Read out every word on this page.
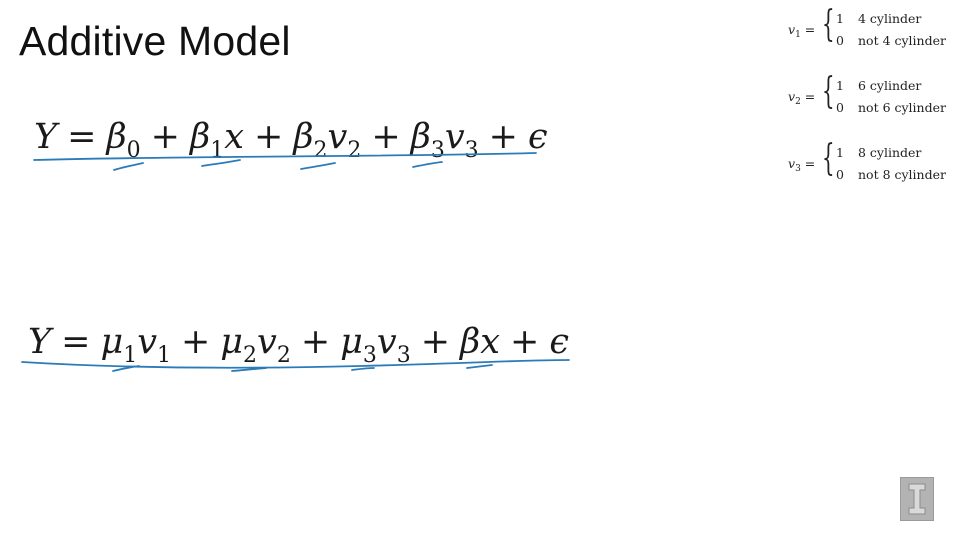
Additive Model
$Y = \beta_0 + \beta_1x + \beta_2v_2 + \beta_3v_3 + \epsilon$
$Y = \mu_1v_1 + \mu_2v_2 + \mu_3v_3 + \beta x + \epsilon$
$v_1$ = { 1 4 cylinder
0 not 4 cylinder
$v_2$ = { 1 6 cylinder
0 not 6 cylinder
$v_3$ = { 1 8 cylinder
0 not 8 cylinder
